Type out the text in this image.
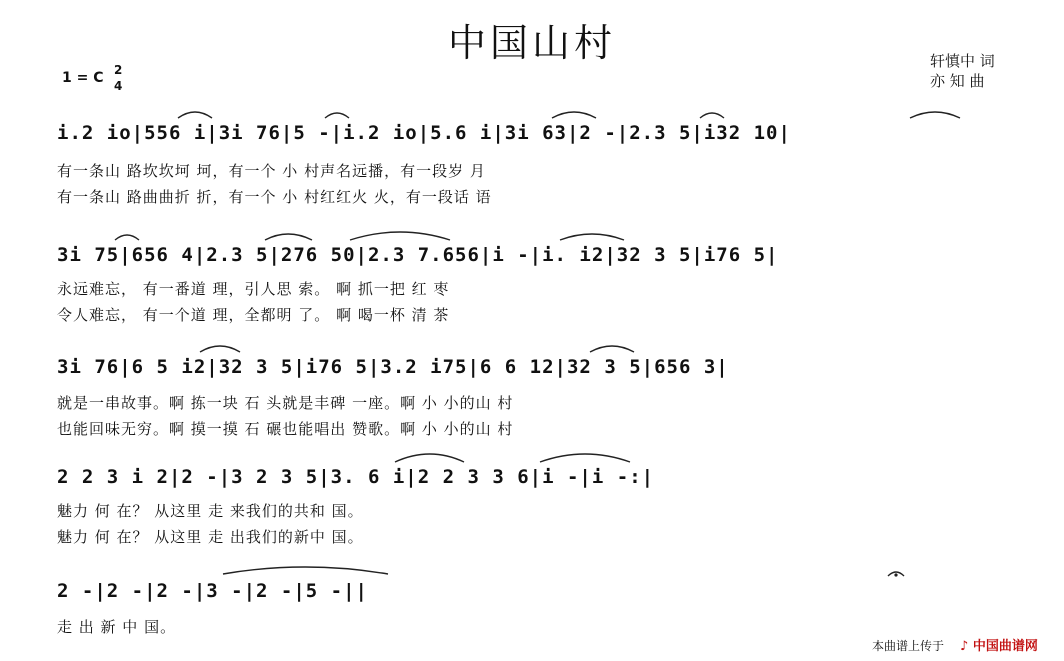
中国山村
1 = C 2
4
轩慎中 词
亦 知 曲
i.2 io|556 i|3i 76|5 -|i.2 io|5.6 i|3i 63|2 -|2.3 5|i32 10|
有一条山 路坎坎坷 坷，有一个 小 村声名远播，有一段岁 月
有一条山 路曲曲折 折，有一个 小 村红红火 火，有一段话 语
3i 75|656 4|2.3 5|276 50|2.3 7.656|i -|i. i2|32 3 5|i76 5|
永远难忘， 有一番道 理，引人思 索。 啊 抓一把 红 枣
令人难忘， 有一个道 理，全都明 了。 啊 喝一杯 清 茶
3i 76|6 5 i2|32 3 5|i76 5|3.2 i75|6 6 12|32 3 5|656 3|
就是一串故事。啊 拣一块 石 头就是丰碑 一座。啊 小 小的山 村
也能回味无穷。啊 摸一摸 石 碾也能唱出 赞歌。啊 小 小的山 村
2 2 3 i 2|2 -|3 2 3 5|3. 6 i|2 2 3 3 6|i -|i -:|
魅力 何 在？ 从这里 走 来我们的共和 国。
魅力 何 在？ 从这里 走 出我们的新中 国。
2 -|2 -|2 -|3 -|2 -|5 -||
走 出 新 中 国。
本曲谱上传于 ♪ 中国曲谱网
